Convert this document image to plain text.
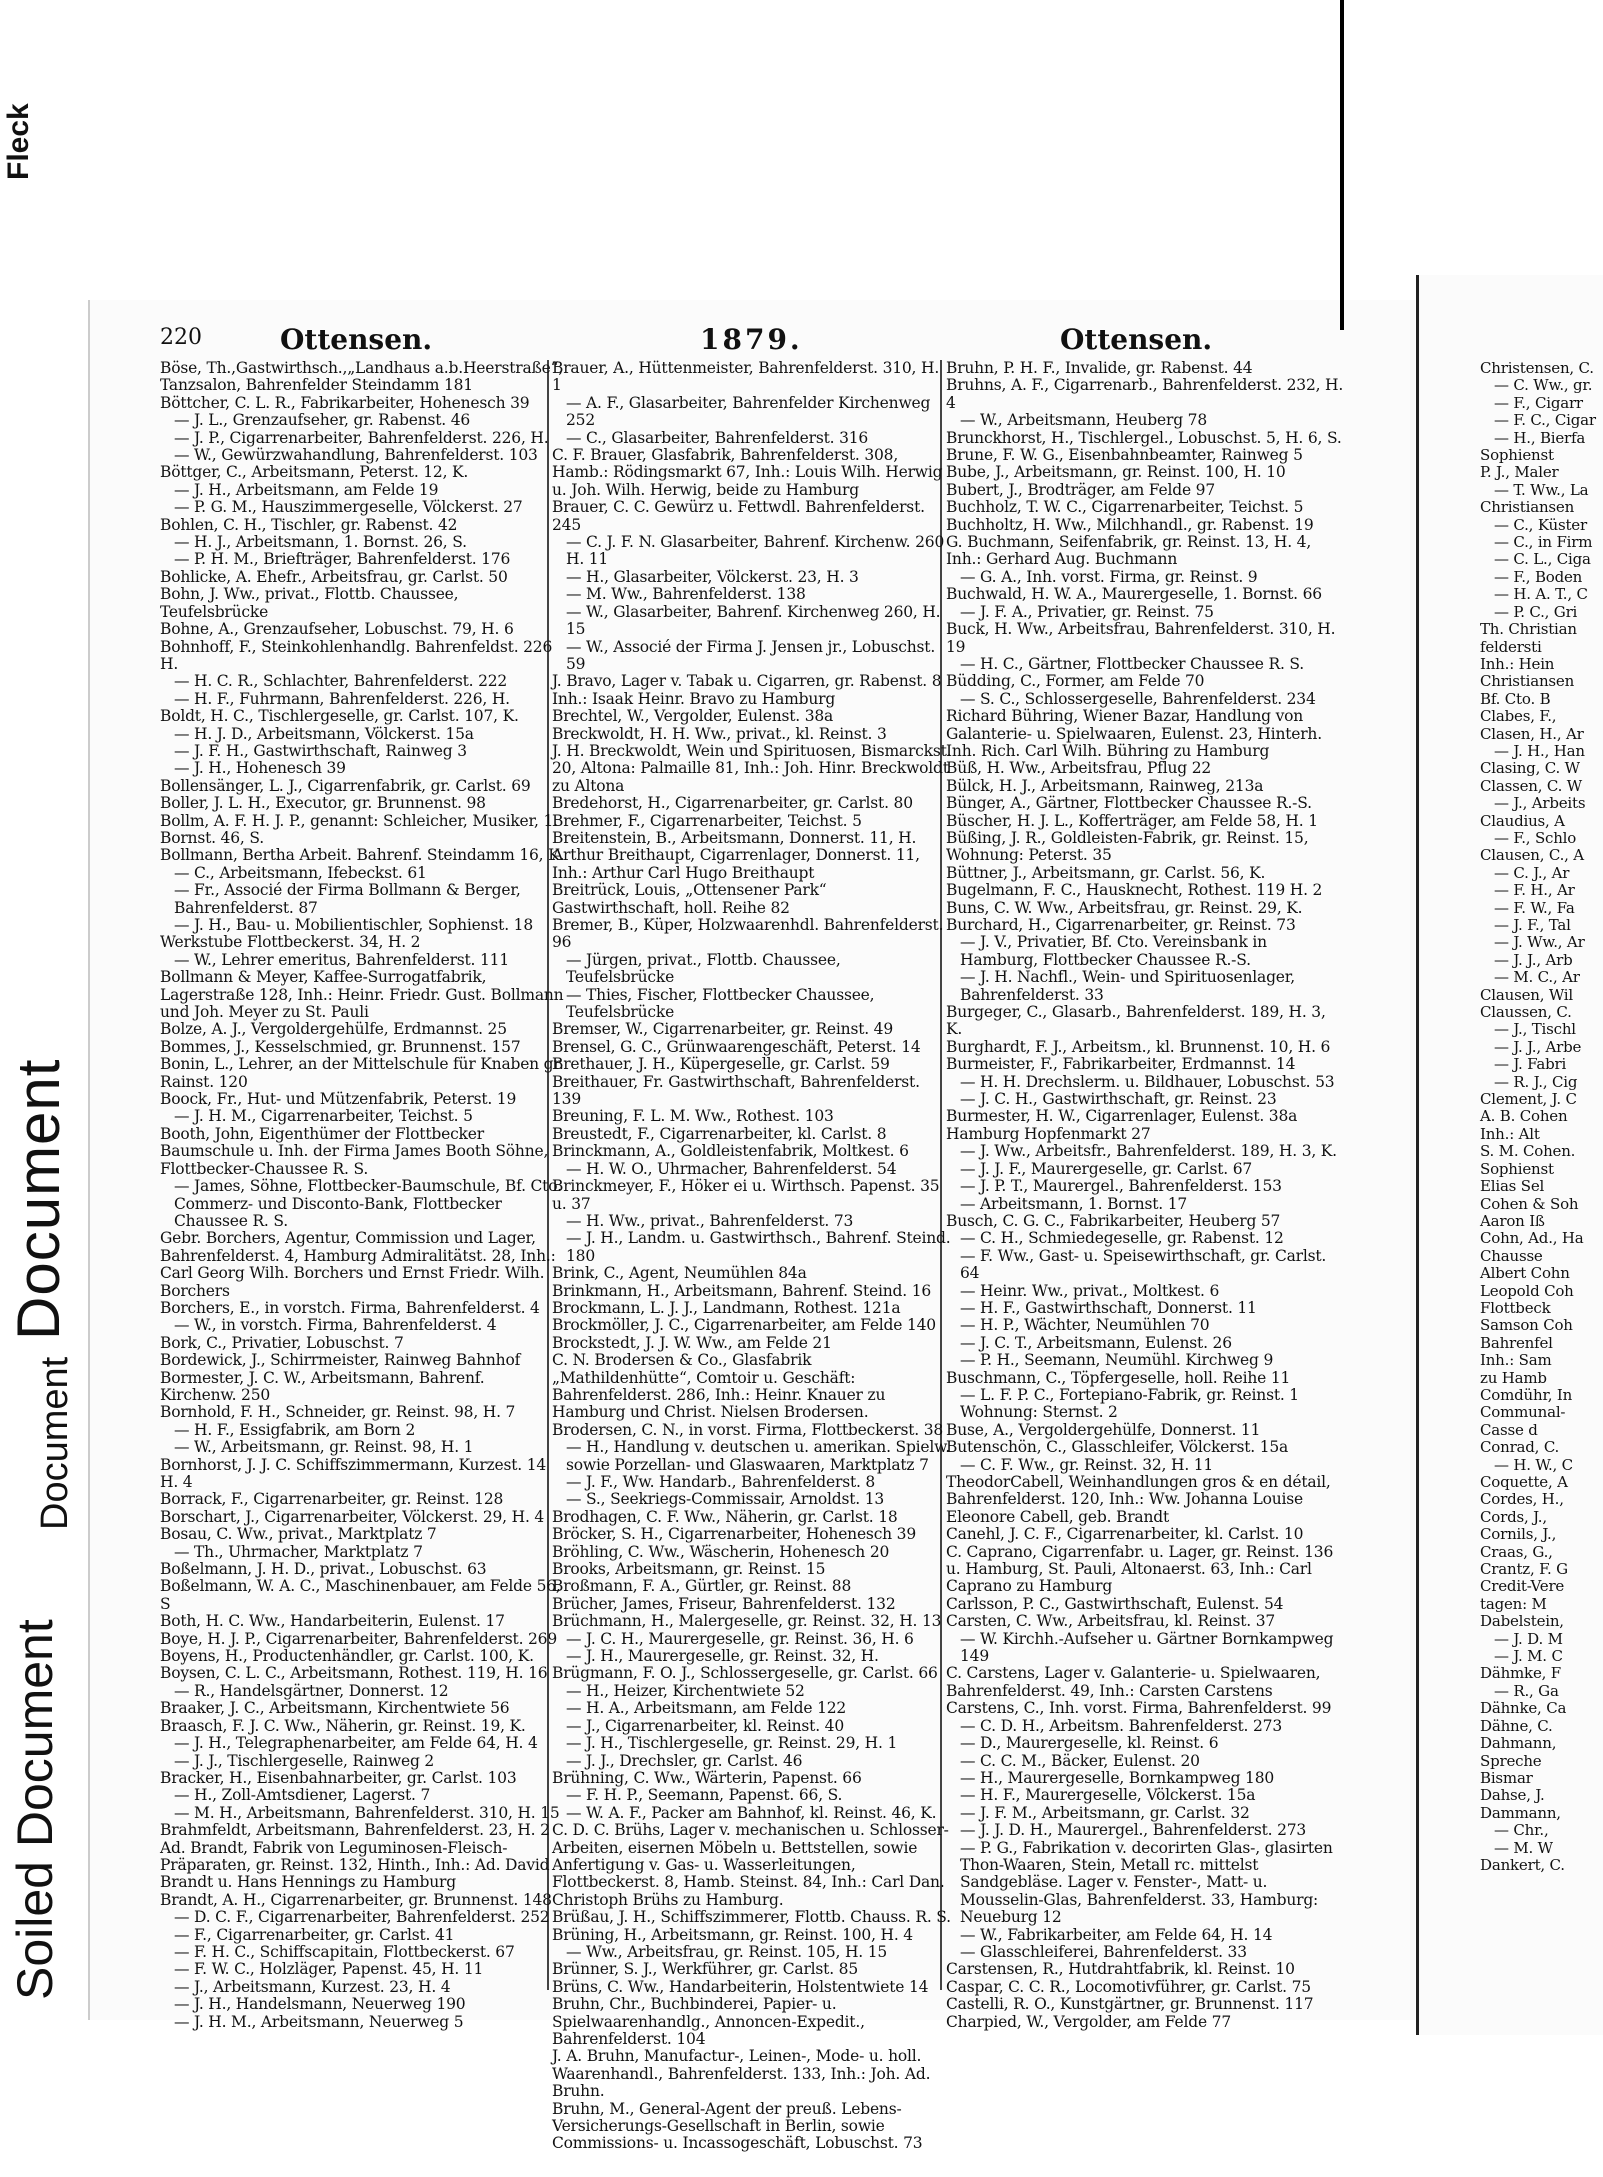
Fleck
Document
Soiled Document
Document
220	Ottensen.	1879.	Ottensen.
Böse, Th.,Gastwirthsch.,„Landhaus a.b.Heerstraße“, Tanzsalon, Bahrenfelder Steindamm 181
Böttcher, C. L. R., Fabrikarbeiter, Hohenesch 39
— J. L., Grenzaufseher, gr. Rabenst. 46
— J. P., Cigarrenarbeiter, Bahrenfelderst. 226, H.
— W., Gewürzwahandlung, Bahrenfelderst. 103
Böttger, C., Arbeitsmann, Peterst. 12, K.
— J. H., Arbeitsmann, am Felde 19
— P. G. M., Hauszimmergeselle, Völckerst. 27
Bohlen, C. H., Tischler, gr. Rabenst. 42
— H. J., Arbeitsmann, 1. Bornst. 26, S.
— P. H. M., Briefträger, Bahrenfelderst. 176
Bohlicke, A. Ehefr., Arbeitsfrau, gr. Carlst. 50
Bohn, J. Ww., privat., Flottb. Chaussee, Teufelsbrücke
Bohne, A., Grenzaufseher, Lobuschst. 79, H. 6
Bohnhoff, F., Steinkohlenhandlg. Bahrenfeldst. 226 H.
— H. C. R., Schlachter, Bahrenfelderst. 222
— H. F., Fuhrmann, Bahrenfelderst. 226, H.
Boldt, H. C., Tischlergeselle, gr. Carlst. 107, K.
— H. J. D., Arbeitsmann, Völckerst. 15a
— J. F. H., Gastwirthschaft, Rainweg 3
— J. H., Hohenesch 39
Bollensänger, L. J., Cigarrenfabrik, gr. Carlst. 69
Boller, J. L. H., Executor, gr. Brunnenst. 98
Bollm, A. F. H. J. P., genannt: Schleicher, Musiker, 1. Bornst. 46, S.
Bollmann, Bertha Arbeit. Bahrenf. Steindamm 16, K.
— C., Arbeitsmann, Ifebeckst. 61
— Fr., Associé der Firma Bollmann & Berger, Bahrenfelderst. 87
— J. H., Bau- u. Mobilientischler, Sophienst. 18
Werkstube Flottbeckerst. 34, H. 2
— W., Lehrer emeritus, Bahrenfelderst. 111
Bollmann & Meyer, Kaffee-Surrogatfabrik, Lagerstraße 128, Inh.: Heinr. Friedr. Gust. Bollmann und Joh. Meyer zu St. Pauli
Bolze, A. J., Vergoldergehülfe, Erdmannst. 25
Bommes, J., Kesselschmied, gr. Brunnenst. 157
Bonin, L., Lehrer, an der Mittelschule für Knaben gr. Rainst. 120
Boock, Fr., Hut- und Mützenfabrik, Peterst. 19
— J. H. M., Cigarrenarbeiter, Teichst. 5
Booth, John, Eigenthümer der Flottbecker Baumschule u. Inh. der Firma James Booth Söhne, Flottbecker-Chaussee R. S.
— James, Söhne, Flottbecker-Baumschule, Bf. Cto. Commerz- und Disconto-Bank, Flottbecker Chaussee R. S.
Gebr. Borchers, Agentur, Commission und Lager, Bahrenfelderst. 4, Hamburg Admiralitätst. 28, Inh.: Carl Georg Wilh. Borchers und Ernst Friedr. Wilh. Borchers
Borchers, E., in vorstch. Firma, Bahrenfelderst. 4
— W., in vorstch. Firma, Bahrenfelderst. 4
Bork, C., Privatier, Lobuschst. 7
Bordewick, J., Schirrmeister, Rainweg Bahnhof
Bormester, J. C. W., Arbeitsmann, Bahrenf. Kirchenw. 250
Bornhold, F. H., Schneider, gr. Reinst. 98, H. 7
— H. F., Essigfabrik, am Born 2
— W., Arbeitsmann, gr. Reinst. 98, H. 1
Bornhorst, J. J. C. Schiffszimmermann, Kurzest. 14 H. 4
Borrack, F., Cigarrenarbeiter, gr. Reinst. 128
Borschart, J., Cigarrenarbeiter, Völckerst. 29, H. 4
Bosau, C. Ww., privat., Marktplatz 7
— Th., Uhrmacher, Marktplatz 7
Boßelmann, J. H. D., privat., Lobuschst. 63
Boßelmann, W. A. C., Maschinenbauer, am Felde 56, S
Both, H. C. Ww., Handarbeiterin, Eulenst. 17
Boye, H. J. P., Cigarrenarbeiter, Bahrenfelderst. 269
Boyens, H., Productenhändler, gr. Carlst. 100, K.
Boysen, C. L. C., Arbeitsmann, Rothest. 119, H. 16
— R., Handelsgärtner, Donnerst. 12
Braaker, J. C., Arbeitsmann, Kirchentwiete 56
Braasch, F. J. C. Ww., Näherin, gr. Reinst. 19, K.
— J. H., Telegraphenarbeiter, am Felde 64, H. 4
— J. J., Tischlergeselle, Rainweg 2
Bracker, H., Eisenbahnarbeiter, gr. Carlst. 103
— H., Zoll-Amtsdiener, Lagerst. 7
— M. H., Arbeitsmann, Bahrenfelderst. 310, H. 15
Brahmfeldt, Arbeitsmann, Bahrenfelderst. 23, H. 2
Ad. Brandt, Fabrik von Leguminosen-Fleisch-Präparaten, gr. Reinst. 132, Hinth., Inh.: Ad. David Brandt u. Hans Hennings zu Hamburg
Brandt, A. H., Cigarrenarbeiter, gr. Brunnenst. 148
— D. C. F., Cigarrenarbeiter, Bahrenfelderst. 252
— F., Cigarrenarbeiter, gr. Carlst. 41
— F. H. C., Schiffscapitain, Flottbeckerst. 67
— F. W. C., Holzläger, Papenst. 45, H. 11
— J., Arbeitsmann, Kurzest. 23, H. 4
— J. H., Handelsmann, Neuerweg 190
— J. H. M., Arbeitsmann, Neuerweg 5
Brauer, A., Hüttenmeister, Bahrenfelderst. 310, H. 1
— A. F., Glasarbeiter, Bahrenfelder Kirchenweg 252
— C., Glasarbeiter, Bahrenfelderst. 316
C. F. Brauer, Glasfabrik, Bahrenfelderst. 308, Hamb.: Rödingsmarkt 67, Inh.: Louis Wilh. Herwig u. Joh. Wilh. Herwig, beide zu Hamburg
Brauer, C. C. Gewürz u. Fettwdl. Bahrenfelderst. 245
— C. J. F. N. Glasarbeiter, Bahrenf. Kirchenw. 260 H. 11
— H., Glasarbeiter, Völckerst. 23, H. 3
— M. Ww., Bahrenfelderst. 138
— W., Glasarbeiter, Bahrenf. Kirchenweg 260, H. 15
— W., Associé der Firma J. Jensen jr., Lobuschst. 59
J. Bravo, Lager v. Tabak u. Cigarren, gr. Rabenst. 8 Inh.: Isaak Heinr. Bravo zu Hamburg
Brechtel, W., Vergolder, Eulenst. 38a
Breckwoldt, H. H. Ww., privat., kl. Reinst. 3
J. H. Breckwoldt, Wein und Spirituosen, Bismarckst. 20, Altona: Palmaille 81, Inh.: Joh. Hinr. Breckwoldt zu Altona
Bredehorst, H., Cigarrenarbeiter, gr. Carlst. 80
Brehmer, F., Cigarrenarbeiter, Teichst. 5
Breitenstein, B., Arbeitsmann, Donnerst. 11, H.
Arthur Breithaupt, Cigarrenlager, Donnerst. 11, Inh.: Arthur Carl Hugo Breithaupt
Breitrück, Louis, „Ottensener Park“ Gastwirthschaft, holl. Reihe 82
Bremer, B., Küper, Holzwaarenhdl. Bahrenfelderst. 96
— Jürgen, privat., Flottb. Chaussee, Teufelsbrücke
— Thies, Fischer, Flottbecker Chaussee, Teufelsbrücke
Bremser, W., Cigarrenarbeiter, gr. Reinst. 49
Brensel, G. C., Grünwaarengeschäft, Peterst. 14
Brethauer, J. H., Küpergeselle, gr. Carlst. 59
Breithauer, Fr. Gastwirthschaft, Bahrenfelderst. 139
Breuning, F. L. M. Ww., Rothest. 103
Breustedt, F., Cigarrenarbeiter, kl. Carlst. 8
Brinckmann, A., Goldleistenfabrik, Moltkest. 6
— H. W. O., Uhrmacher, Bahrenfelderst. 54
Brinckmeyer, F., Höker ei u. Wirthsch. Papenst. 35 u. 37
— H. Ww., privat., Bahrenfelderst. 73
— J. H., Landm. u. Gastwirthsch., Bahrenf. Steind. 180
Brink, C., Agent, Neumühlen 84a
Brinkmann, H., Arbeitsmann, Bahrenf. Steind. 16
Brockmann, L. J. J., Landmann, Rothest. 121a
Brockmöller, J. C., Cigarrenarbeiter, am Felde 140
Brockstedt, J. J. W. Ww., am Felde 21
C. N. Brodersen & Co., Glasfabrik „Mathildenhütte“, Comtoir u. Geschäft: Bahrenfelderst. 286, Inh.: Heinr. Knauer zu Hamburg und Christ. Nielsen Brodersen.
Brodersen, C. N., in vorst. Firma, Flottbeckerst. 38
— H., Handlung v. deutschen u. amerikan. Spielw. sowie Porzellan- und Glaswaaren, Marktplatz 7
— J. F., Ww. Handarb., Bahrenfelderst. 8
— S., Seekriegs-Commissair, Arnoldst. 13
Brodhagen, C. F. Ww., Näherin, gr. Carlst. 18
Bröcker, S. H., Cigarrenarbeiter, Hohenesch 39
Bröhling, C. Ww., Wäscherin, Hohenesch 20
Brooks, Arbeitsmann, gr. Reinst. 15
Broßmann, F. A., Gürtler, gr. Reinst. 88
Brücher, James, Friseur, Bahrenfelderst. 132
Brüchmann, H., Malergeselle, gr. Reinst. 32, H. 13
— J. C. H., Maurergeselle, gr. Reinst. 36, H. 6
— J. H., Maurergeselle, gr. Reinst. 32, H.
Brügmann, F. O. J., Schlossergeselle, gr. Carlst. 66
— H., Heizer, Kirchentwiete 52
— H. A., Arbeitsmann, am Felde 122
— J., Cigarrenarbeiter, kl. Reinst. 40
— J. H., Tischlergeselle, gr. Reinst. 29, H. 1
— J. J., Drechsler, gr. Carlst. 46
Brühning, C. Ww., Wärterin, Papenst. 66
— F. H. P., Seemann, Papenst. 66, S.
— W. A. F., Packer am Bahnhof, kl. Reinst. 46, K.
C. D. C. Brühs, Lager v. mechanischen u. Schlosser-Arbeiten, eisernen Möbeln u. Bettstellen, sowie Anfertigung v. Gas- u. Wasserleitungen, Flottbeckerst. 8, Hamb. Steinst. 84, Inh.: Carl Dan. Christoph Brühs zu Hamburg.
Brüßau, J. H., Schiffszimmerer, Flottb. Chauss. R. S.
Brüning, H., Arbeitsmann, gr. Reinst. 100, H. 4
— Ww., Arbeitsfrau, gr. Reinst. 105, H. 15
Brünner, S. J., Werkführer, gr. Carlst. 85
Brüns, C. Ww., Handarbeiterin, Holstentwiete 14
Bruhn, Chr., Buchbinderei, Papier- u. Spielwaarenhandlg., Annoncen-Expedit., Bahrenfelderst. 104
J. A. Bruhn, Manufactur-, Leinen-, Mode- u. holl. Waarenhandl., Bahrenfelderst. 133, Inh.: Joh. Ad. Bruhn.
Bruhn, M., General-Agent der preuß. Lebens-Versicherungs-Gesellschaft in Berlin, sowie Commissions- u. Incassogeschäft, Lobuschst. 73
Bruhn, P. H. F., Invalide, gr. Rabenst. 44
Bruhns, A. F., Cigarrenarb., Bahrenfelderst. 232, H. 4
— W., Arbeitsmann, Heuberg 78
Brunckhorst, H., Tischlergel., Lobuschst. 5, H. 6, S.
Brune, F. W. G., Eisenbahnbeamter, Rainweg 5
Bube, J., Arbeitsmann, gr. Reinst. 100, H. 10
Bubert, J., Brodträger, am Felde 97
Buchholz, T. W. C., Cigarrenarbeiter, Teichst. 5
Buchholtz, H. Ww., Milchhandl., gr. Rabenst. 19
G. Buchmann, Seifenfabrik, gr. Reinst. 13, H. 4, Inh.: Gerhard Aug. Buchmann
— G. A., Inh. vorst. Firma, gr. Reinst. 9
Buchwald, H. W. A., Maurergeselle, 1. Bornst. 66
— J. F. A., Privatier, gr. Reinst. 75
Buck, H. Ww., Arbeitsfrau, Bahrenfelderst. 310, H. 19
— H. C., Gärtner, Flottbecker Chaussee R. S.
Büdding, C., Former, am Felde 70
— S. C., Schlossergeselle, Bahrenfelderst. 234
Richard Bühring, Wiener Bazar, Handlung von Galanterie- u. Spielwaaren, Eulenst. 23, Hinterh. Inh. Rich. Carl Wilh. Bühring zu Hamburg
Büß, H. Ww., Arbeitsfrau, Pflug 22
Bülck, H. J., Arbeitsmann, Rainweg, 213a
Bünger, A., Gärtner, Flottbecker Chaussee R.-S.
Büscher, H. J. L., Kofferträger, am Felde 58, H. 1
Büßing, J. R., Goldleisten-Fabrik, gr. Reinst. 15, Wohnung: Peterst. 35
Büttner, J., Arbeitsmann, gr. Carlst. 56, K.
Bugelmann, F. C., Hausknecht, Rothest. 119 H. 2
Buns, C. W. Ww., Arbeitsfrau, gr. Reinst. 29, K.
Burchard, H., Cigarrenarbeiter, gr. Reinst. 73
— J. V., Privatier, Bf. Cto. Vereinsbank in Hamburg, Flottbecker Chaussee R.-S.
— J. H. Nachfl., Wein- und Spirituosenlager, Bahrenfelderst. 33
Burgeger, C., Glasarb., Bahrenfelderst. 189, H. 3, K.
Burghardt, F. J., Arbeitsm., kl. Brunnenst. 10, H. 6
Burmeister, F., Fabrikarbeiter, Erdmannst. 14
— H. H. Drechslerm. u. Bildhauer, Lobuschst. 53
— J. C. H., Gastwirthschaft, gr. Reinst. 23
Burmester, H. W., Cigarrenlager, Eulenst. 38a Hamburg Hopfenmarkt 27
— J. Ww., Arbeitsfr., Bahrenfelderst. 189, H. 3, K.
— J. J. F., Maurergeselle, gr. Carlst. 67
— J. P. T., Maurergel., Bahrenfelderst. 153
— Arbeitsmann, 1. Bornst. 17
Busch, C. G. C., Fabrikarbeiter, Heuberg 57
— C. H., Schmiedegeselle, gr. Rabenst. 12
— F. Ww., Gast- u. Speisewirthschaft, gr. Carlst. 64
— Heinr. Ww., privat., Moltkest. 6
— H. F., Gastwirthschaft, Donnerst. 11
— H. P., Wächter, Neumühlen 70
— J. C. T., Arbeitsmann, Eulenst. 26
— P. H., Seemann, Neumühl. Kirchweg 9
Buschmann, C., Töpfergeselle, holl. Reihe 11
— L. F. P. C., Fortepiano-Fabrik, gr. Reinst. 1 Wohnung: Sternst. 2
Buse, A., Vergoldergehülfe, Donnerst. 11
Butenschön, C., Glasschleifer, Völckerst. 15a
— C. F. Ww., gr. Reinst. 32, H. 11
TheodorCabell, Weinhandlungen gros & en détail, Bahrenfelderst. 120, Inh.: Ww. Johanna Louise Eleonore Cabell, geb. Brandt
Canehl, J. C. F., Cigarrenarbeiter, kl. Carlst. 10
C. Caprano, Cigarrenfabr. u. Lager, gr. Reinst. 136 u. Hamburg, St. Pauli, Altonaerst. 63, Inh.: Carl Caprano zu Hamburg
Carlsson, P. C., Gastwirthschaft, Eulenst. 54
Carsten, C. Ww., Arbeitsfrau, kl. Reinst. 37
— W. Kirchh.-Aufseher u. Gärtner Bornkampweg 149
C. Carstens, Lager v. Galanterie- u. Spielwaaren, Bahrenfelderst. 49, Inh.: Carsten Carstens
Carstens, C., Inh. vorst. Firma, Bahrenfelderst. 99
— C. D. H., Arbeitsm. Bahrenfelderst. 273
— D., Maurergeselle, kl. Reinst. 6
— C. C. M., Bäcker, Eulenst. 20
— H., Maurergeselle, Bornkampweg 180
— H. F., Maurergeselle, Völckerst. 15a
— J. F. M., Arbeitsmann, gr. Carlst. 32
— J. J. D. H., Maurergel., Bahrenfelderst. 273
— P. G., Fabrikation v. decorirten Glas-, glasirten Thon-Waaren, Stein, Metall rc. mittelst Sandgebläse. Lager v. Fenster-, Matt- u. Mousselin-Glas, Bahrenfelderst. 33, Hamburg: Neueburg 12
— W., Fabrikarbeiter, am Felde 64, H. 14
— Glasschleiferei, Bahrenfelderst. 33
Carstensen, R., Hutdrahtfabrik, kl. Reinst. 10
Caspar, C. C. R., Locomotivführer, gr. Carlst. 75
Castelli, R. O., Kunstgärtner, gr. Brunnenst. 117
Charpied, W., Vergolder, am Felde 77
Christensen, C.
— C. Ww., gr.
— F., Cigarr
— F. C., Cigar
— H., Bierfa
Sophienst
P. J., Maler
— T. Ww., La
Christiansen
— C., Küster
— C., in Firm
— C. L., Ciga
— F., Boden
— H. A. T., C
— P. C., Gri
Th. Christian
feldersti
Inh.: Hein
Christiansen
Bf. Cto. B
Clabes, F.,
Clasen, H., Ar
— J. H., Han
Clasing, C. W
Classen, C. W
— J., Arbeits
Claudius, A
— F., Schlo
Clausen, C., A
— C. J., Ar
— F. H., Ar
— F. W., Fa
— J. F., Tal
— J. Ww., Ar
— J. J., Arb
— M. C., Ar
Clausen, Wil
Claussen, C.
— J., Tischl
— J. J., Arbe
— J. Fabri
— R. J., Cig
Clement, J. C
A. B. Cohen
Inh.: Alt
S. M. Cohen.
Sophienst
Elias Sel
Cohen & Soh
Aaron Iß
Cohn, Ad., Ha
Chausse
Albert Cohn
Leopold Coh
Flottbeck
Samson Coh
Bahrenfel
Inh.: Sam
zu Hamb
Comdühr, In
Communal-
Casse d
Conrad, C.
— H. W., C
Coquette, A
Cordes, H.,
Cords, J.,
Cornils, J.,
Craas, G.,
Crantz, F. G
Credit-Vere
tagen: M
Dabelstein,
— J. D. M
— J. M. C
Dähmke, F
— R., Ga
Dähnke, Ca
Dähne, C.
Dahmann,
Spreche
Bismar
Dahse, J.
Dammann,
— Chr.,
— M. W
Dankert, C.
